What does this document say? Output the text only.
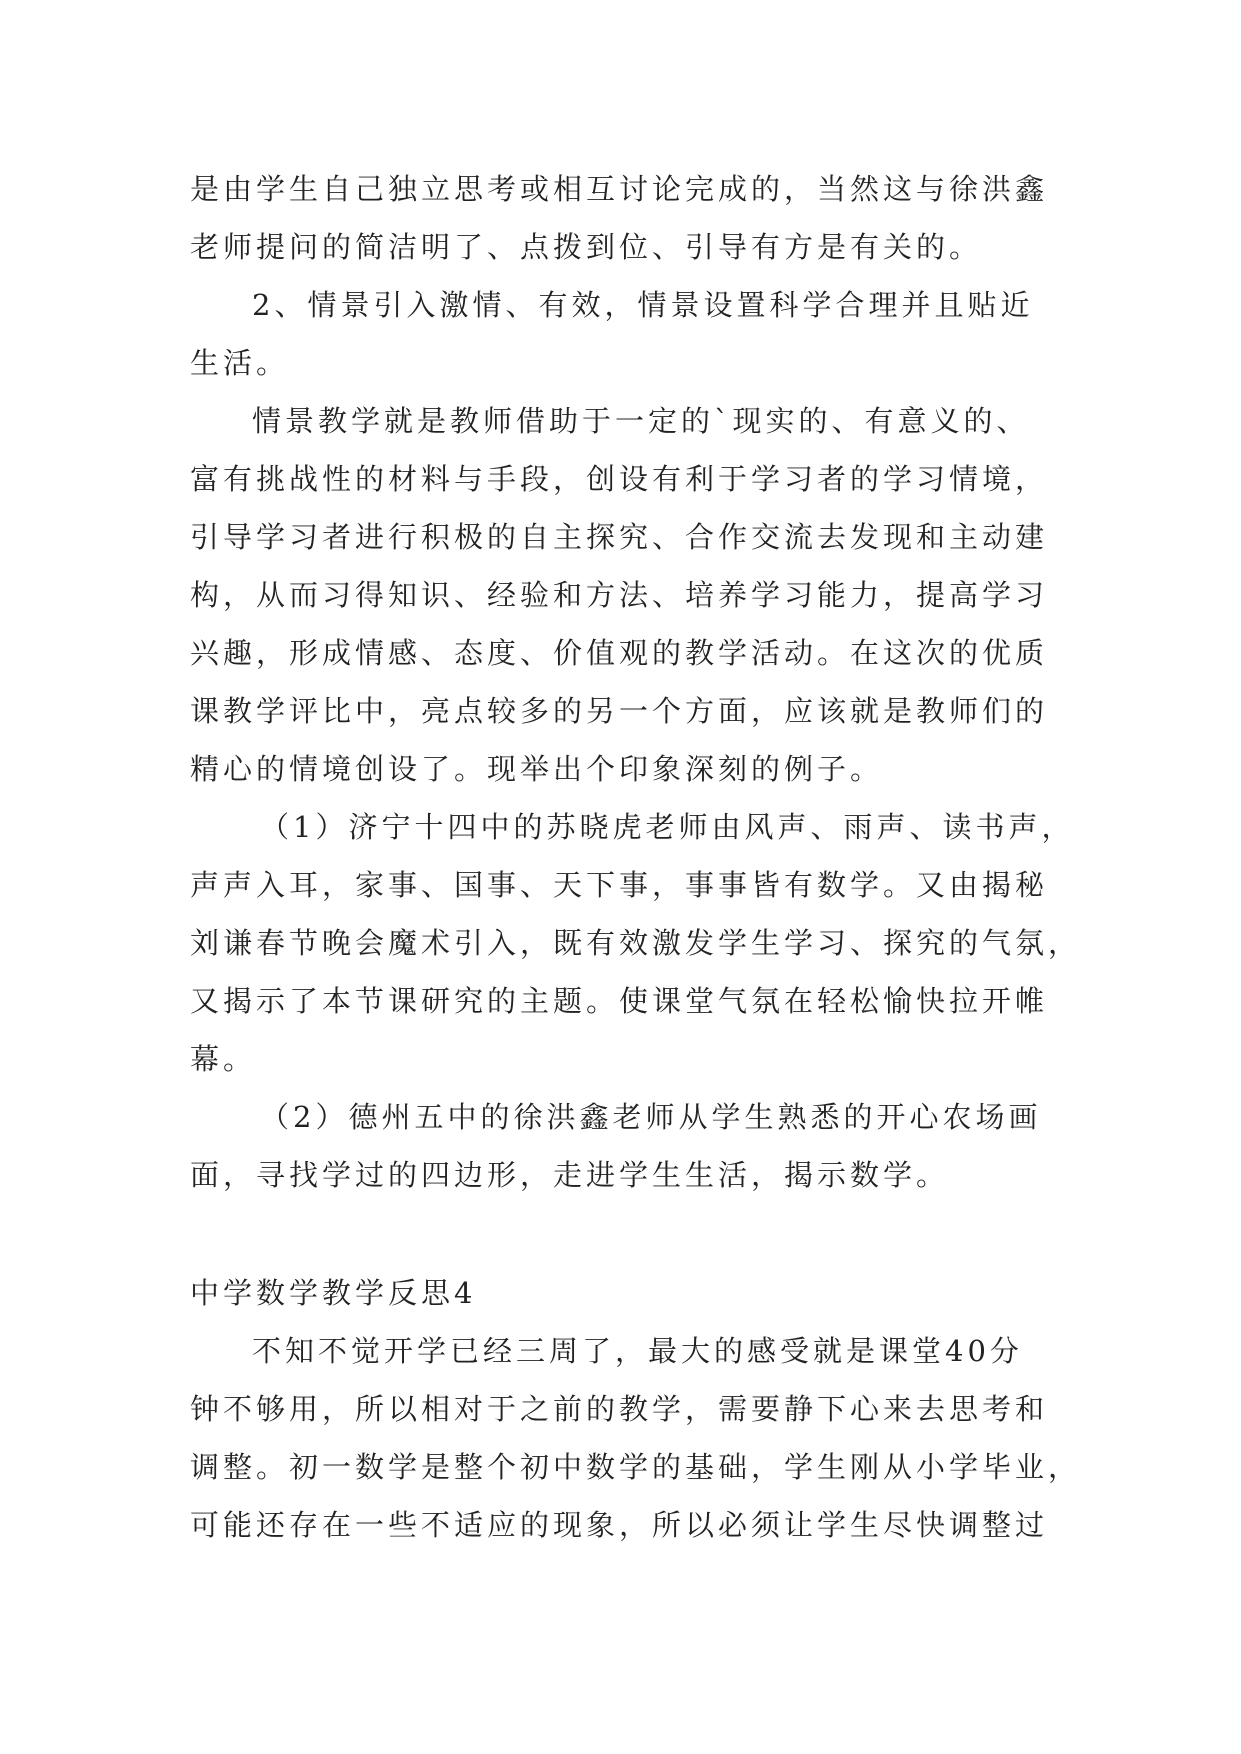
是由学生自己独立思考或相互讨论完成的，当然这与徐洪鑫
老师提问的简洁明了、点拨到位、引导有方是有关的。
2、情景引入激情、有效，情景设置科学合理并且贴近
生活。
情景教学就是教师借助于一定的`现实的、有意义的、
富有挑战性的材料与手段，创设有利于学习者的学习情境，
引导学习者进行积极的自主探究、合作交流去发现和主动建
构，从而习得知识、经验和方法、培养学习能力，提高学习
兴趣，形成情感、态度、价值观的教学活动。在这次的优质
课教学评比中，亮点较多的另一个方面，应该就是教师们的
精心的情境创设了。现举出个印象深刻的例子。
（1）济宁十四中的苏晓虎老师由风声、雨声、读书声，
声声入耳，家事、国事、天下事，事事皆有数学。又由揭秘
刘谦春节晚会魔术引入，既有效激发学生学习、探究的气氛，
又揭示了本节课研究的主题。使课堂气氛在轻松愉快拉开帷
幕。
（2）德州五中的徐洪鑫老师从学生熟悉的开心农场画
面，寻找学过的四边形，走进学生生活，揭示数学。
中学数学教学反思4
不知不觉开学已经三周了，最大的感受就是课堂40分
钟不够用，所以相对于之前的教学，需要静下心来去思考和
调整。初一数学是整个初中数学的基础，学生刚从小学毕业，
可能还存在一些不适应的现象，所以必须让学生尽快调整过
